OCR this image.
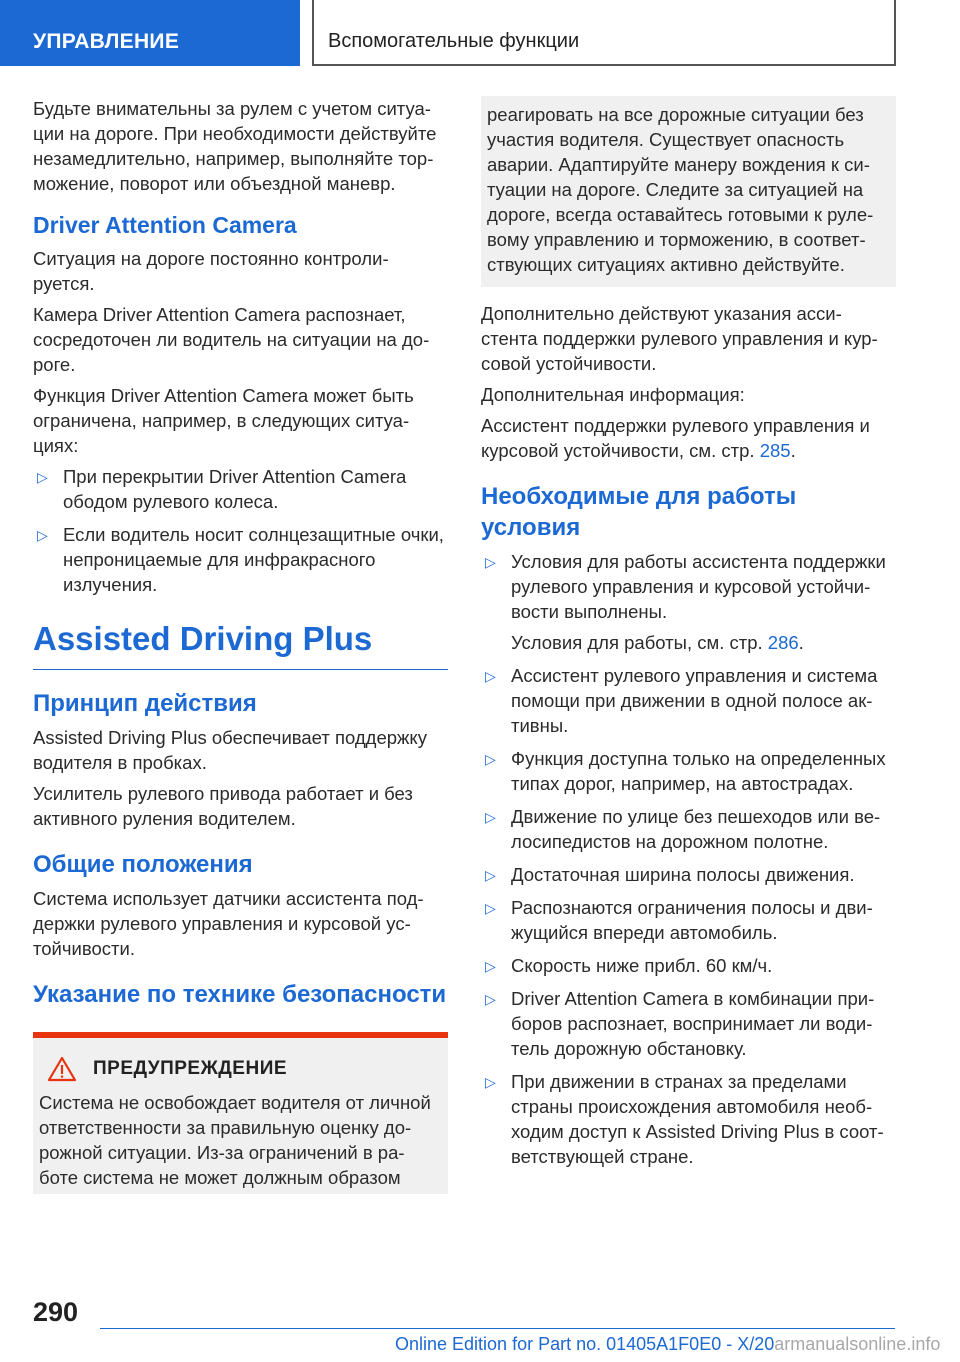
УПРАВЛЕНИЕ	Вспомогательные функции

Будьте внимательны за рулем с учетом ситуа-ции на дороге. При необходимости действуйте незамедлительно, например, выполняйте тор-можение, поворот или объездной маневр.

Driver Attention Camera

Ситуация на дороге постоянно контроли-руется.

Камера Driver Attention Camera распознает, сосредоточен ли водитель на ситуации на до-роге.

Функция Driver Attention Camera может быть ограничена, например, в следующих ситуа-циях:

▷ При перекрытии Driver Attention Camera ободом рулевого колеса.
▷ Если водитель носит солнцезащитные очки, непроницаемые для инфракрасного излучения.
Assisted Driving Plus
Принцип действия

Assisted Driving Plus обеспечивает поддержку водителя в пробках.

Усилитель рулевого привода работает и без активного руления водителем.

Общие положения

Система использует датчики ассистента под-держки рулевого управления и курсовой ус-тойчивости.

Указание по технике безопасности
ПРЕДУПРЕЖДЕНИЕ

Система не освобождает водителя от личной ответственности за правильную оценку до-рожной ситуации. Из-за ограничений в ра-боте система не может должным образом

реагировать на все дорожные ситуации без участия водителя. Существует опасность аварии. Адаптируйте манеру вождения к си-туации на дороге. Следите за ситуацией на дороге, всегда оставайтесь готовыми к руле-вому управлению и торможению, в соответ-ствующих ситуациях активно действуйте.

Дополнительно действуют указания асси-стента поддержки рулевого управления и кур-совой устойчивости.

Дополнительная информация:

Ассистент поддержки рулевого управления и курсовой устойчивости, см. стр. 285.

Необходимые для работы условия
▷ Условия для работы ассистента поддержки рулевого управления и курсовой устойчи-вости выполнены.
Условия для работы, см. стр. 286.
▷ Ассистент рулевого управления и система помощи при движении в одной полосе ак-тивны.
▷ Функция доступна только на определенных типах дорог, например, на автострадах.
▷ Движение по улице без пешеходов или ве-лосипедистов на дорожном полотне.
▷ Достаточная ширина полосы движения.
▷ Распознаются ограничения полосы и дви-жущийся впереди автомобиль.
▷ Скорость ниже прибл. 60 км/ч.
▷ Driver Attention Camera в комбинации при-боров распознает, воспринимает ли води-тель дорожную обстановку.
▷ При движении в странах за пределами страны происхождения автомобиля необ-ходим доступ к Assisted Driving Plus в соот-ветствующей стране.
290
Online Edition for Part no. 01405A1F0E0 - X/20armanualsonline.info
